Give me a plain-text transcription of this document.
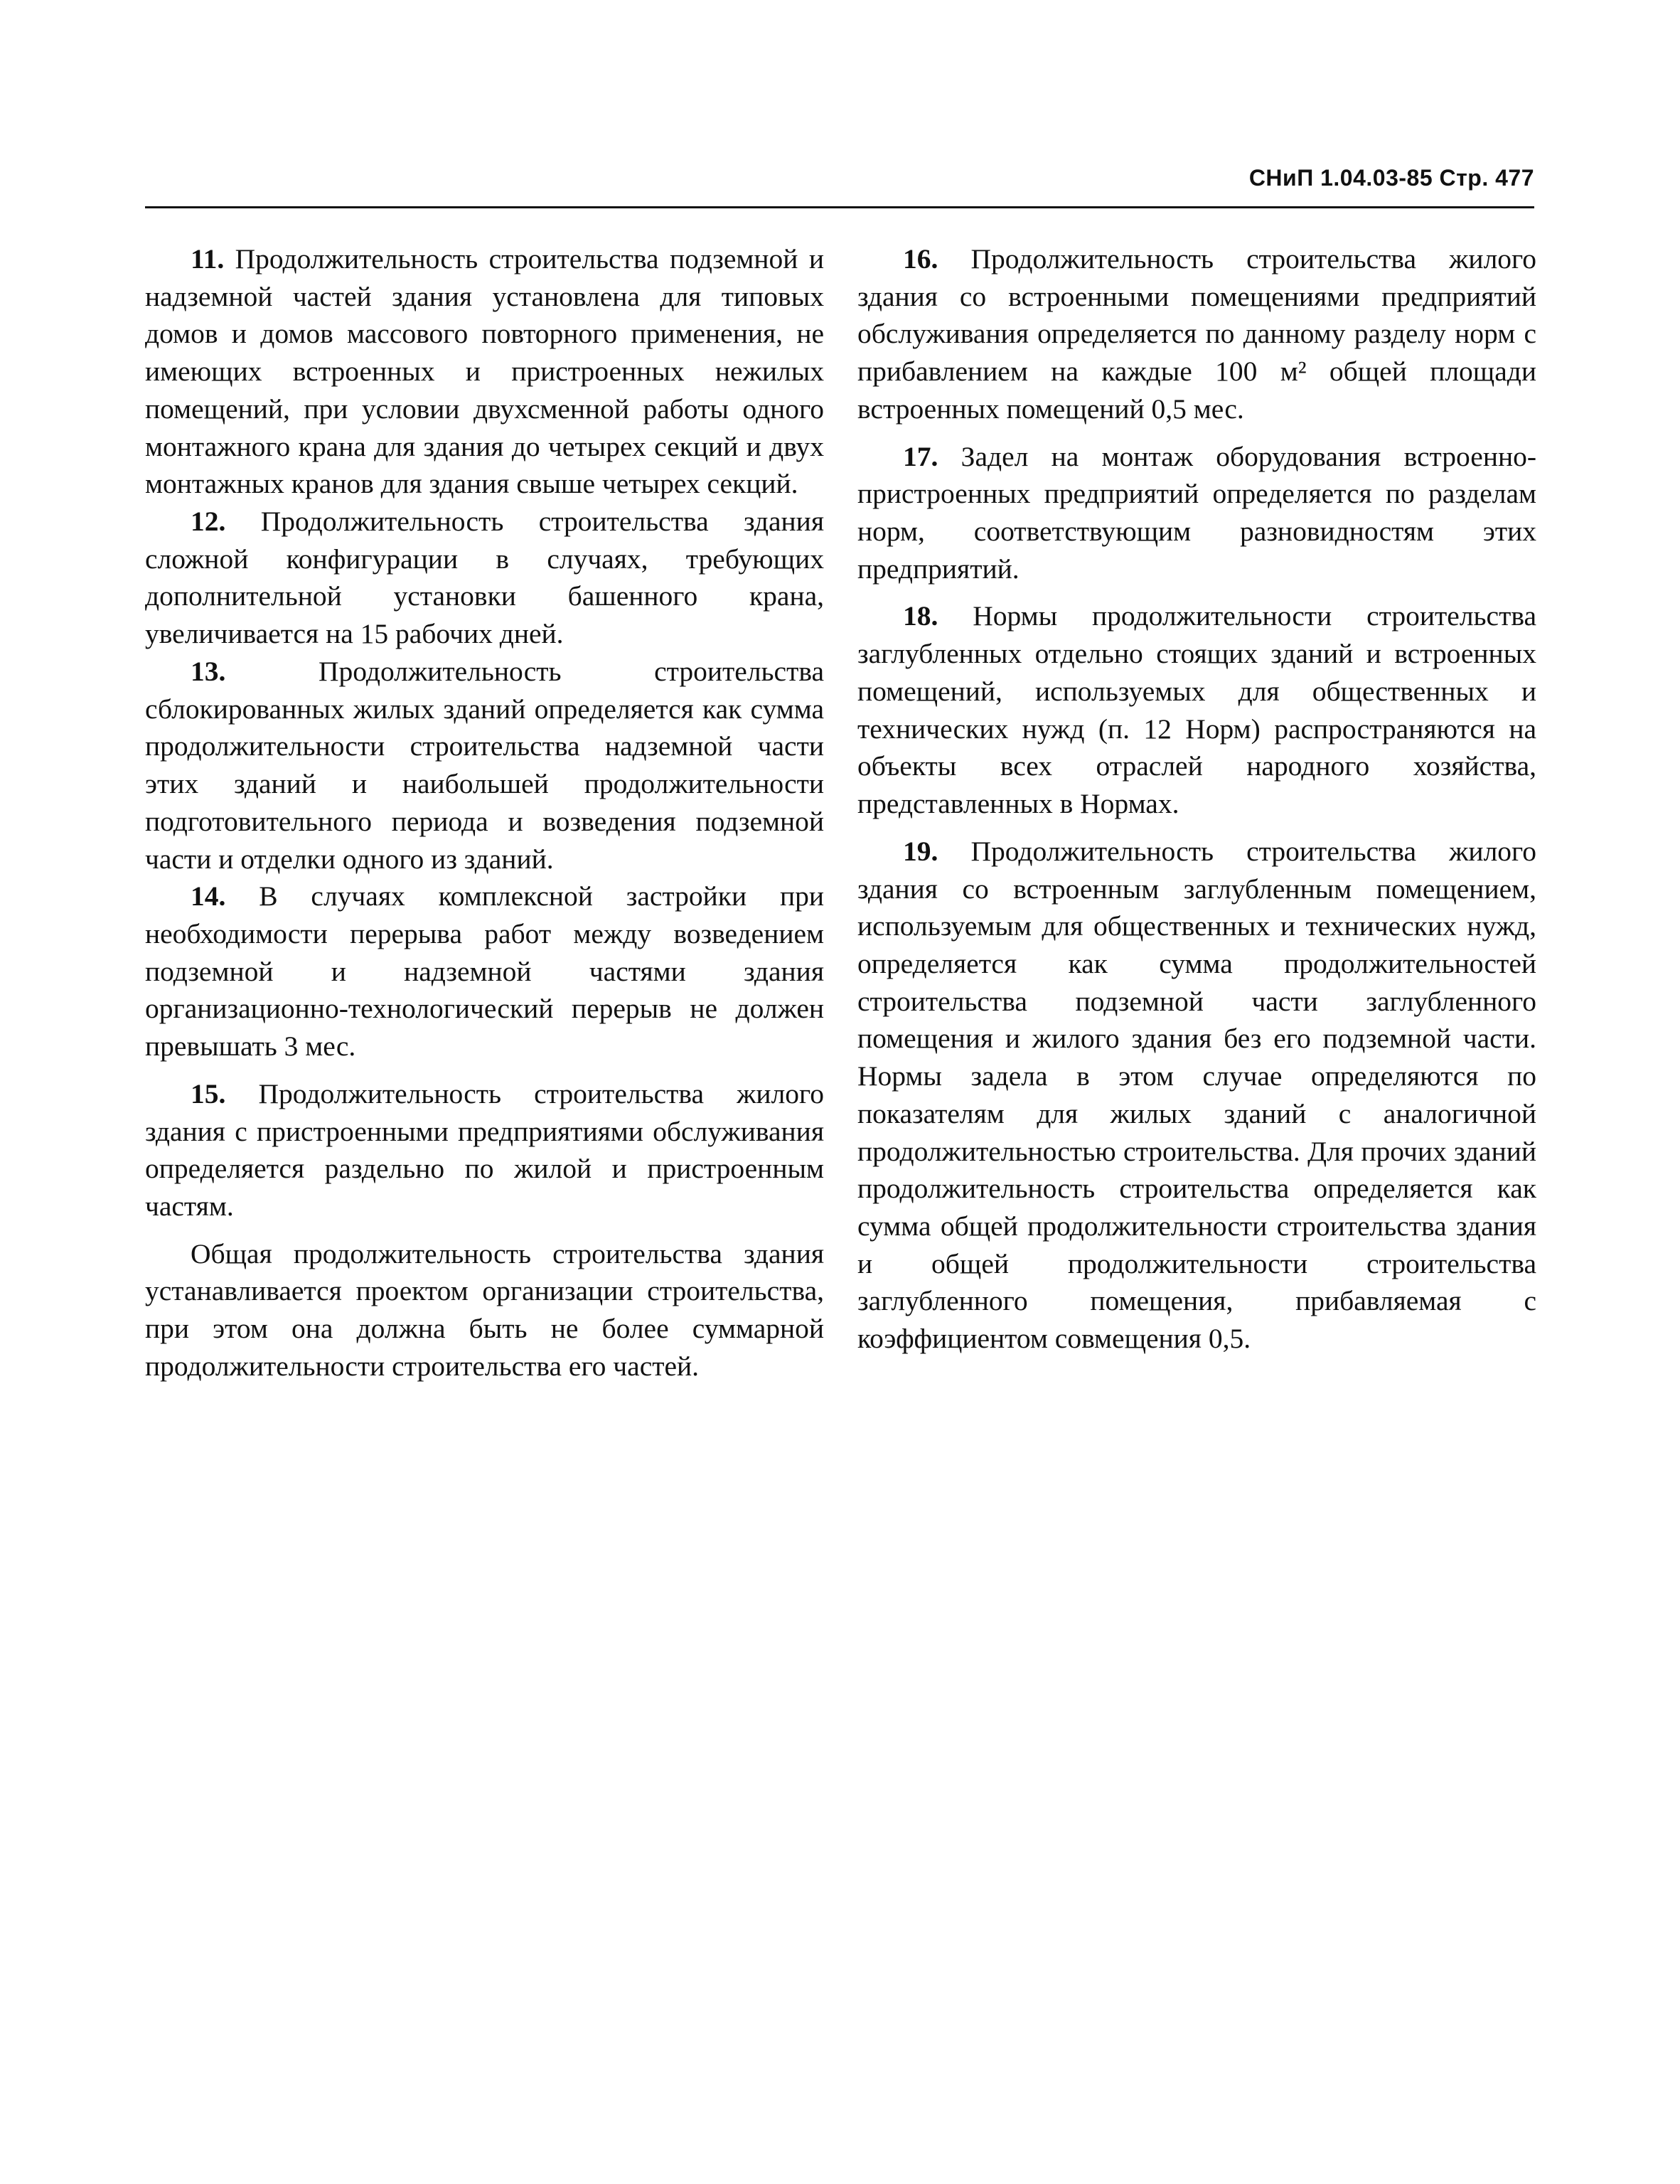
СНиП 1.04.03-85 Стр. 477

11. Продолжительность строительства подземной и надземной частей здания установлена для типовых домов и домов массового повторного применения, не имеющих встроенных и пристроенных нежилых помещений, при условии двухсменной работы одного монтажного крана для здания до четырех секций и двух монтажных кранов для здания свыше четырех секций.

12. Продолжительность строительства здания сложной конфигурации в случаях, требующих дополнительной установки башенного крана, увеличивается на 15 рабочих дней.

13.	Продолжительность строительства сблокированных жилых зданий определяется как сумма продолжительности строительства надземной части этих зданий и наибольшей продолжительности подготовительного периода и возведения подземной части и отделки одного из зданий.

14. В случаях комплексной застройки при необходимости перерыва работ между возведением подземной и надземной частями здания организационно-технологический перерыв не должен превышать 3 мес.

15. Продолжительность строительства жилого здания с пристроенными предприятиями обслуживания определяется раздельно по жилой и пристроенным частям.

Общая продолжительность строительства здания устанавливается проектом организации строительства, при этом она должна быть не более суммарной продолжительности строительства его частей.

16. Продолжительность строительства жилого здания со встроенными помещениями предприятий обслуживания определяется по данному разделу норм с прибавлением на каждые 100 м² общей площади встроенных помещений 0,5 мес.

17. Задел на монтаж оборудования встроенно-пристроенных предприятий определяется по разделам норм, соответствующим разновидностям этих предприятий.

18. Нормы продолжительности строительства заглубленных отдельно стоящих зданий и встроенных помещений, используемых для общественных и технических нужд (п. 12 Норм) распространяются на объекты всех отраслей народного хозяйства, представленных в Нормах.

19. Продолжительность строительства жилого здания со встроенным заглубленным помещением, используемым для общественных и технических нужд, определяется как сумма продолжительностей строительства подземной части заглубленного помещения и жилого здания без его подземной части. Нормы задела в этом случае определяются по показателям для жилых зданий с аналогичной продолжительностью строительства. Для прочих зданий продолжительность строительства определяется как сумма общей продолжительности строительства здания и общей продолжительности строительства заглубленного помещения, прибавляемая с коэффициентом совмещения 0,5.
